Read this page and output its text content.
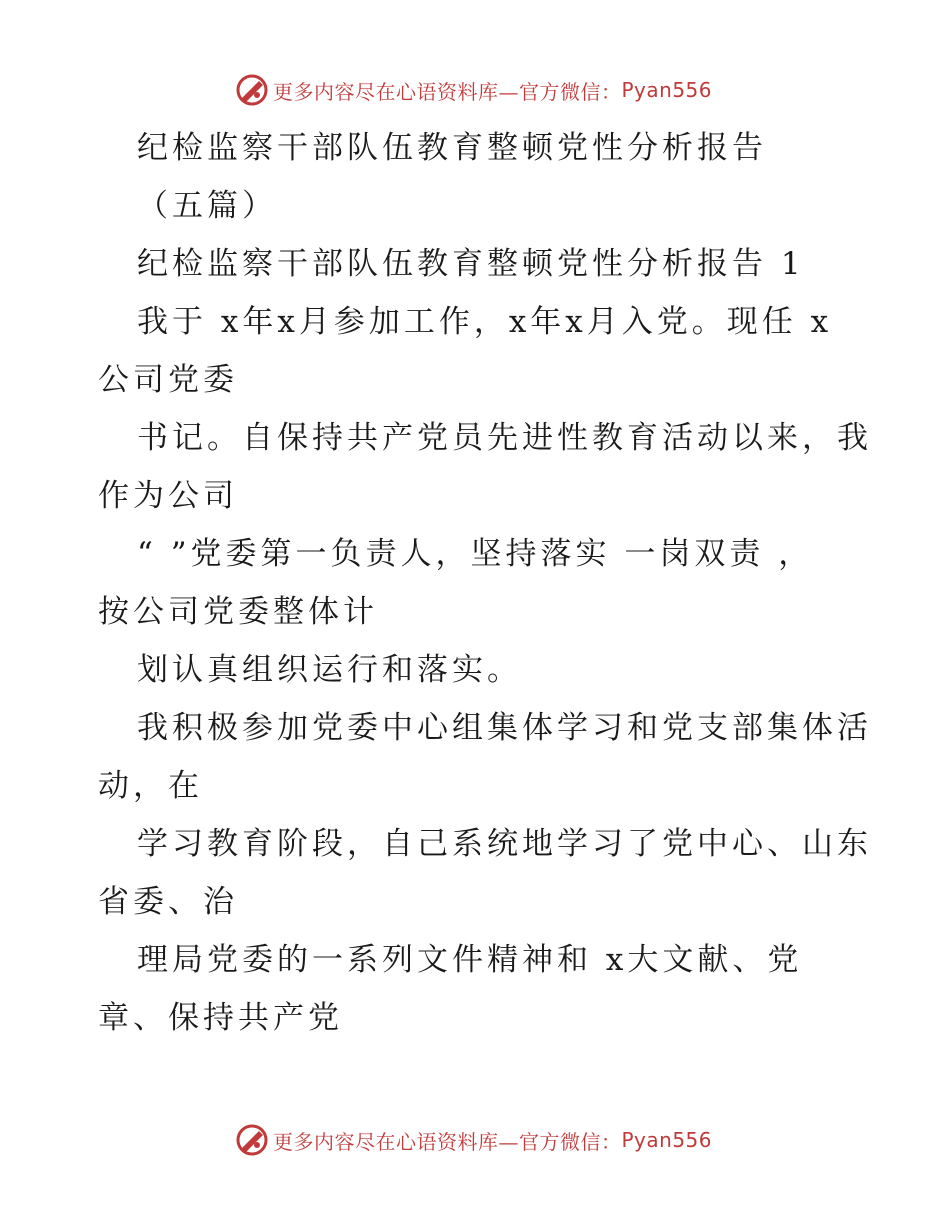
更多内容尽在心语资料库—官方微信： Pyan556
纪检监察干部队伍教育整顿党性分析报告
（五篇）
纪检监察干部队伍教育整顿党性分析报告 1
我于 x年x月参加工作，x年x月入党。现任 x
公司党委
书记。自保持共产党员先进性教育活动以来，我
作为公司
“ ”党委第一负责人，坚持落实 一岗双责 ，
按公司党委整体计
划认真组织运行和落实。
我积极参加党委中心组集体学习和党支部集体活
动，在
学习教育阶段，自己系统地学习了党中心、山东
省委、治
理局党委的一系列文件精神和 x大文献、党
章、保持共产党
更多内容尽在心语资料库—官方微信： Pyan556
